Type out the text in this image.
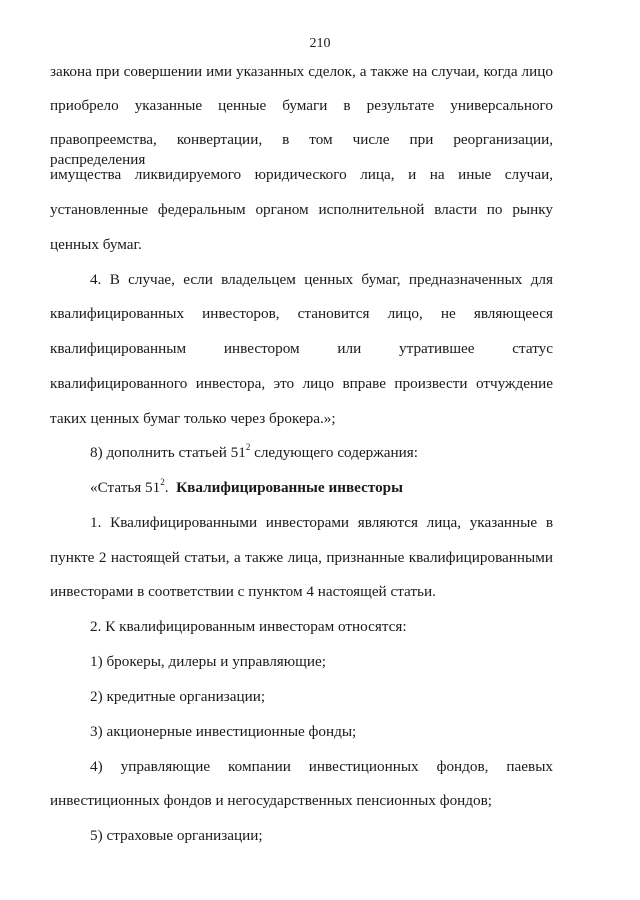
210
закона при совершении ими указанных сделок, а также на случаи, когда лицо
приобрело указанные ценные бумаги в результате универсального
правопреемства, конвертации, в том числе при реорганизации, распределения
имущества ликвидируемого юридического лица, и на иные случаи,
установленные федеральным органом исполнительной власти по рынку
ценных бумаг.
4. В случае, если владельцем ценных бумаг, предназначенных для
квалифицированных инвесторов, становится лицо, не являющееся
квалифицированным инвестором или утратившее статус
квалифицированного инвестора, это лицо вправе произвести отчуждение
таких ценных бумаг только через брокера.»;
8) дополнить статьей $51^2$ следующего содержания:
«Статья $51^2$. Квалифицированные инвесторы
1. Квалифицированными инвесторами являются лица, указанные в
пункте 2 настоящей статьи, а также лица, признанные квалифицированными
инвесторами в соответствии с пунктом 4 настоящей статьи.
2. К квалифицированным инвесторам относятся:
1) брокеры, дилеры и управляющие;
2) кредитные организации;
3) акционерные инвестиционные фонды;
4) управляющие компании инвестиционных фондов, паевых
инвестиционных фондов и негосударственных пенсионных фондов;
5) страховые организации;
